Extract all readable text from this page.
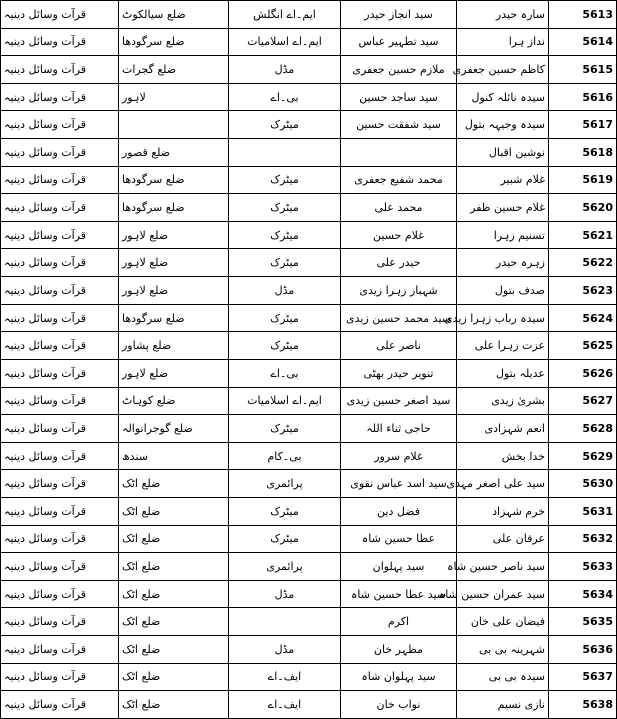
قرآت وسائل دینیہ	ضلع سیالکوٹ	ایم۔اے انگلش	سید انجاز حیدر	سارہ حیدر	5613
قرآت وسائل دینیہ	ضلع سرگودھا	ایم۔اے اسلامیات	سید تطہیر عباس	نداز ہرا	5614
قرآت وسائل دینیہ	ضلع گجرات	مڈل	ملازم حسین جعفری	کاظم حسین جعفری	5615
قرآت وسائل دینیہ	لاہور	بی۔اے	سید ساجد حسین	سیدہ نائلہ کنول	5616
قرآت وسائل دینیہ		میٹرک	سید شفقت حسین	سیدہ وجیہہ بتول	5617
قرآت وسائل دینیہ	ضلع قصور			نوشین اقبال	5618
قرآت وسائل دینیہ	ضلع سرگودھا	میٹرک	محمد شفیع جعفری	غلام شبیر	5619
قرآت وسائل دینیہ	ضلع سرگودھا	میٹرک	محمد علی	غلام حسین ظفر	5620
قرآت وسائل دینیہ	ضلع لاہور	میٹرک	غلام حسین	تسنیم زہرا	5621
قرآت وسائل دینیہ	ضلع لاہور	میٹرک	حیدر علی	زہرہ حیدر	5622
قرآت وسائل دینیہ	ضلع لاہور	مڈل	شہباز زہرا زیدی	صدف بتول	5623
قرآت وسائل دینیہ	ضلع سرگودھا	میٹرک	سید محمد حسین زیدی	سیدہ رباب زہرا زیدی	5624
قرآت وسائل دینیہ	ضلع پشاور	میٹرک	ناصر علی	عزت زہرا علی	5625
قرآت وسائل دینیہ	ضلع لاہور	بی۔اے	تنویر حیدر بھٹی	عدیلہ بتول	5626
قرآت وسائل دینیہ	ضلع کوہاٹ	ایم۔اے اسلامیات	سید اصغر حسین زیدی	بشریٰ زیدی	5627
قرآت وسائل دینیہ	ضلع گوجرانوالہ	میٹرک	حاجی ثناء اللہ	انعم شہزادی	5628
قرآت وسائل دینیہ	سندھ	بی۔کام	غلام سرور	خدا بخش	5629
قرآت وسائل دینیہ	ضلع اٹک	پرائمری	سید اسد عباس نقوی	سید علی اصغر مہدی	5630
قرآت وسائل دینیہ	ضلع اٹک	میٹرک	فضل دین	خرم شہزاد	5631
قرآت وسائل دینیہ	ضلع اٹک	میٹرک	عطا حسین شاہ	عرفان علی	5632
قرآت وسائل دینیہ	ضلع اٹک	پرائمری	سید پہلوان	سید ناصر حسین شاہ	5633
قرآت وسائل دینیہ	ضلع اٹک	مڈل	سید عطا حسین شاہ	سید عمران حسین شاہ	5634
قرآت وسائل دینیہ	ضلع اٹک		اکرم	فیضان علی خان	5635
قرآت وسائل دینیہ	ضلع اٹک	مڈل	مظہر خان	شہرینہ بی بی	5636
قرآت وسائل دینیہ	ضلع اٹک	ایف۔اے	سید پہلوان شاہ	سیدہ بی بی	5637
قرآت وسائل دینیہ	ضلع اٹک	ایف۔اے	نواب خان	نازی نسیم	5638
